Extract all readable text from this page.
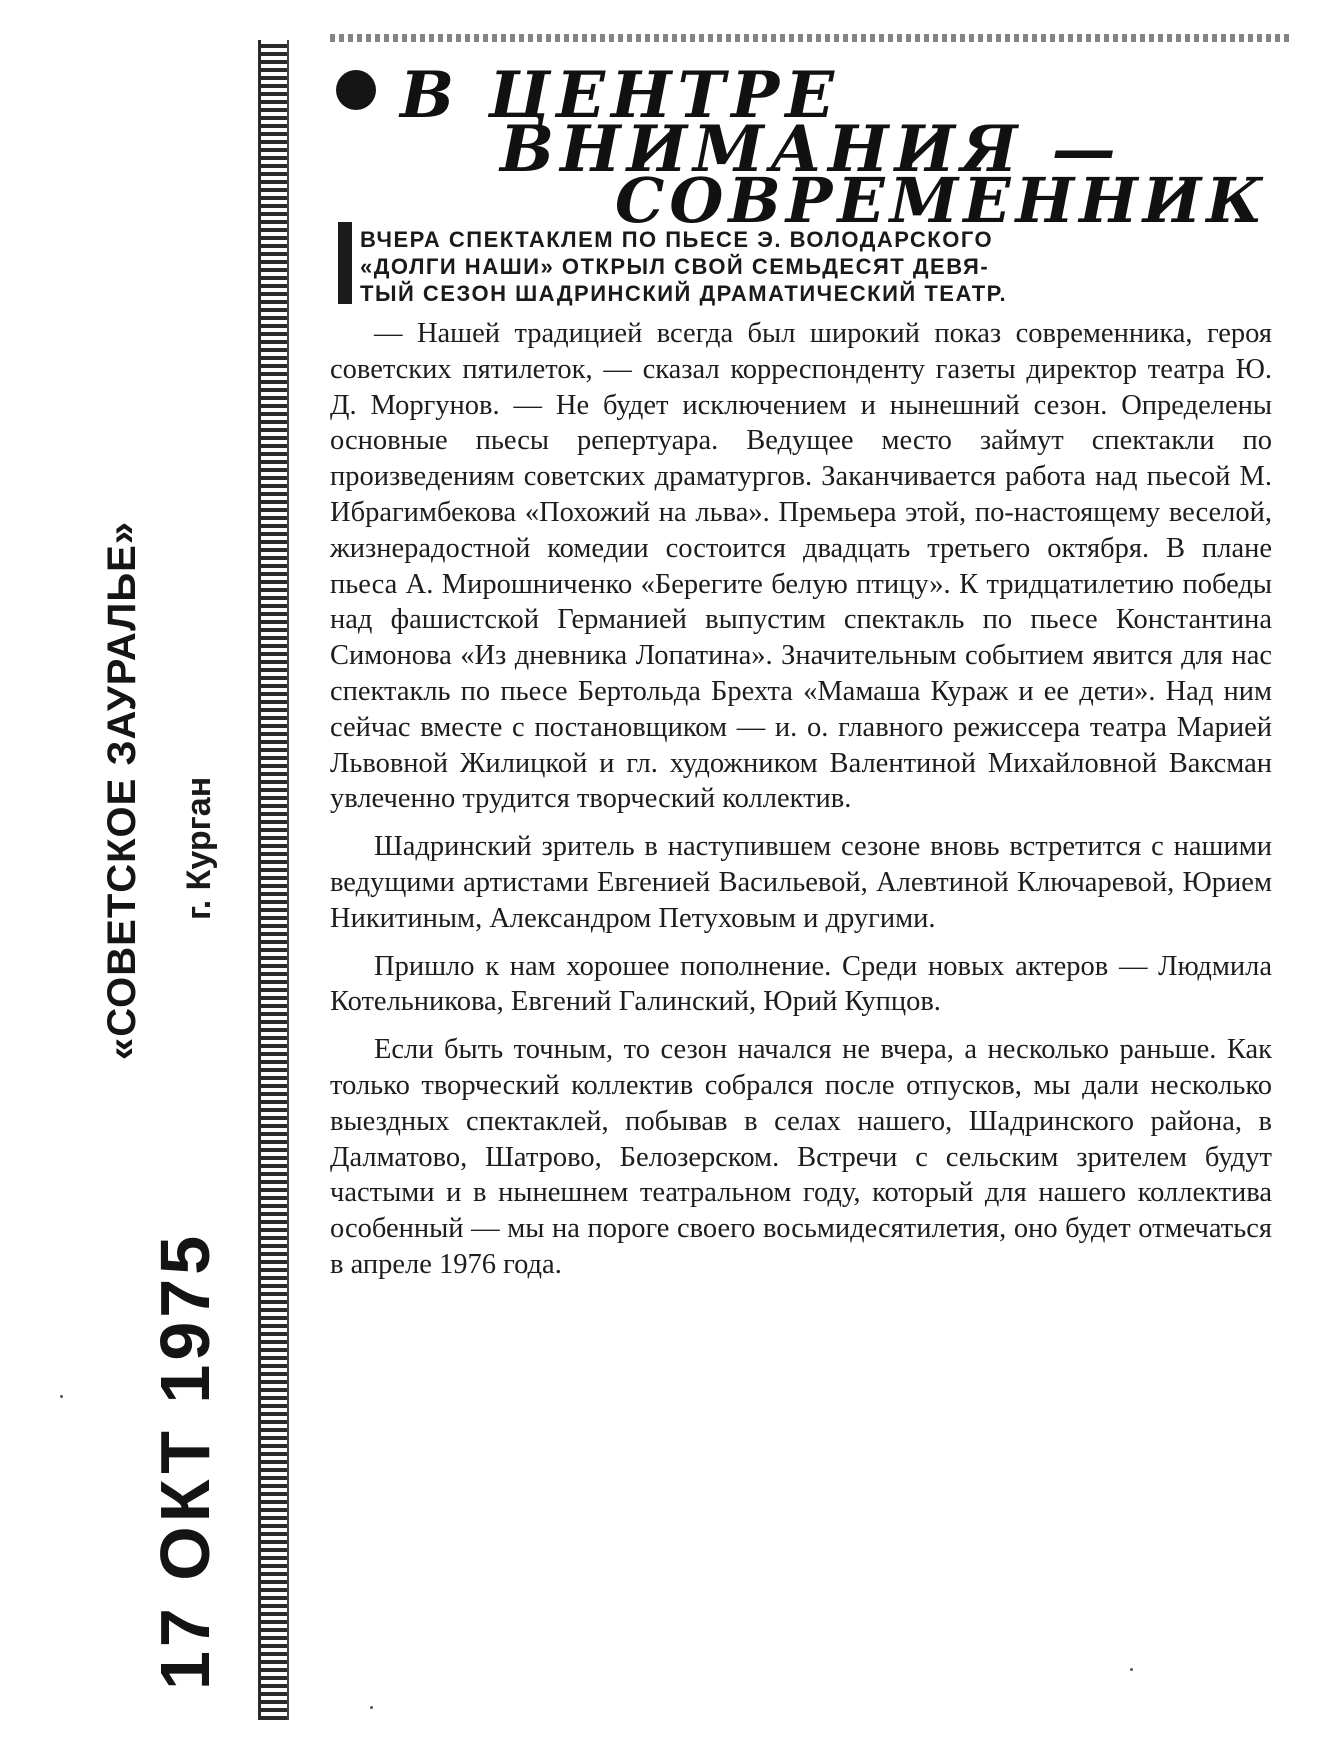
«СОВЕТСКОЕ ЗАУРАЛЬЕ» г. Курган
17 ОКТ 1975
В ЦЕНТРЕ
ВНИМАНИЯ —
СОВРЕМЕННИК
ВЧЕРА СПЕКТАКЛЕМ ПО ПЬЕСЕ Э. ВОЛОДАРСКОГО
«ДОЛГИ НАШИ» ОТКРЫЛ СВОЙ СЕМЬДЕСЯТ ДЕВЯ-
ТЫЙ СЕЗОН ШАДРИНСКИЙ ДРАМАТИЧЕСКИЙ ТЕАТР.

— Нашей традицией всегда был широкий показ современника, героя советских пятилеток, — сказал корреспонденту газеты директор театра Ю. Д. Моргунов. — Не будет исключением и нынешний сезон. Определены основные пьесы репертуара. Ведущее место займут спектакли по произведениям советских драматургов. Заканчивается работа над пьесой М. Ибрагимбекова «Похожий на льва». Премьера этой, по-настоящему веселой, жизнерадостной комедии состоится двадцать третьего октября. В плане пьеса А. Мирошниченко «Берегите белую птицу». К тридцатилетию победы над фашистской Германией выпустим спектакль по пьесе Константина Симонова «Из дневника Лопатина». Значительным событием явится для нас спектакль по пьесе Бертольда Брехта «Мамаша Кураж и ее дети». Над ним сейчас вместе с постановщиком — и. о. главного режиссера театра Марией Львовной Жилицкой и гл. художником Валентиной Михайловной Ваксман увлеченно трудится творческий коллектив.

Шадринский зритель в наступившем сезоне вновь встретится с нашими ведущими артистами Евгенией Васильевой, Алевтиной Ключаревой, Юрием Никитиным, Александром Петуховым и другими.

Пришло к нам хорошее пополнение. Среди новых актеров — Людмила Котельникова, Евгений Галинский, Юрий Купцов.

Если быть точным, то сезон начался не вчера, а несколько раньше. Как только творческий коллектив собрался после отпусков, мы дали несколько выездных спектаклей, побывав в селах нашего, Шадринского района, в Далматово, Шатрово, Белозерском. Встречи с сельским зрителем будут частыми и в нынешнем театральном году, который для нашего коллектива особенный — мы на пороге своего восьмидесятилетия, оно будет отмечаться в апреле 1976 года.
